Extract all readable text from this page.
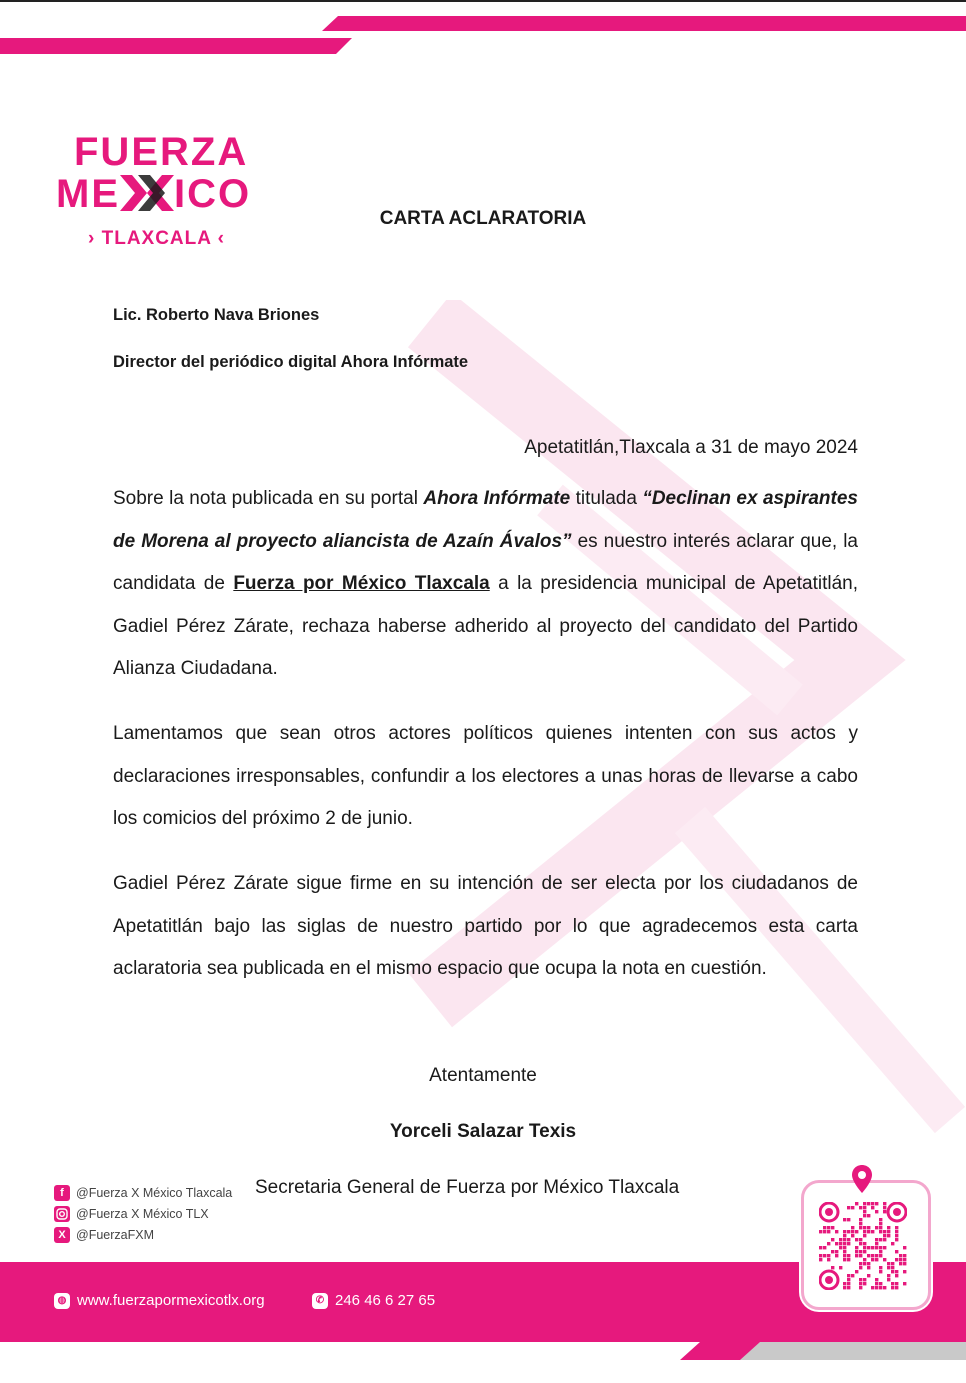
FUERZA
ME ICO
› TLAXCALA ‹
CARTA ACLARATORIA
Lic. Roberto Nava Briones
Director del periódico digital Ahora Infórmate
Apetatitlán,Tlaxcala a 31 de mayo 2024
Sobre la nota publicada en su portal Ahora Infórmate titulada “Declinan ex aspirantes de Morena al proyecto aliancista de Azaín Ávalos” es nuestro interés aclarar que, la candidata de Fuerza por México Tlaxcala a la presidencia municipal de Apetatitlán, Gadiel Pérez Zárate, rechaza haberse adherido al proyecto del candidato del Partido Alianza Ciudadana.
Lamentamos que sean otros actores políticos quienes intenten con sus actos y declaraciones irresponsables, confundir a los electores a unas horas de llevarse a cabo los comicios del próximo 2 de junio.
Gadiel Pérez Zárate sigue firme en su intención de ser electa por los ciudadanos de Apetatitlán bajo las siglas de nuestro partido por lo que agradecemos esta carta aclaratoria sea publicada en el mismo espacio que ocupa la nota en cuestión.
Atentamente
Yorceli Salazar Texis
Secretaria General de Fuerza por México Tlaxcala
f @Fuerza X México Tlaxcala
@Fuerza X México TLX
X @FuerzaFXM
◍ www.fuerzapormexicotlx.org	✆ 246 46 6 27 65
